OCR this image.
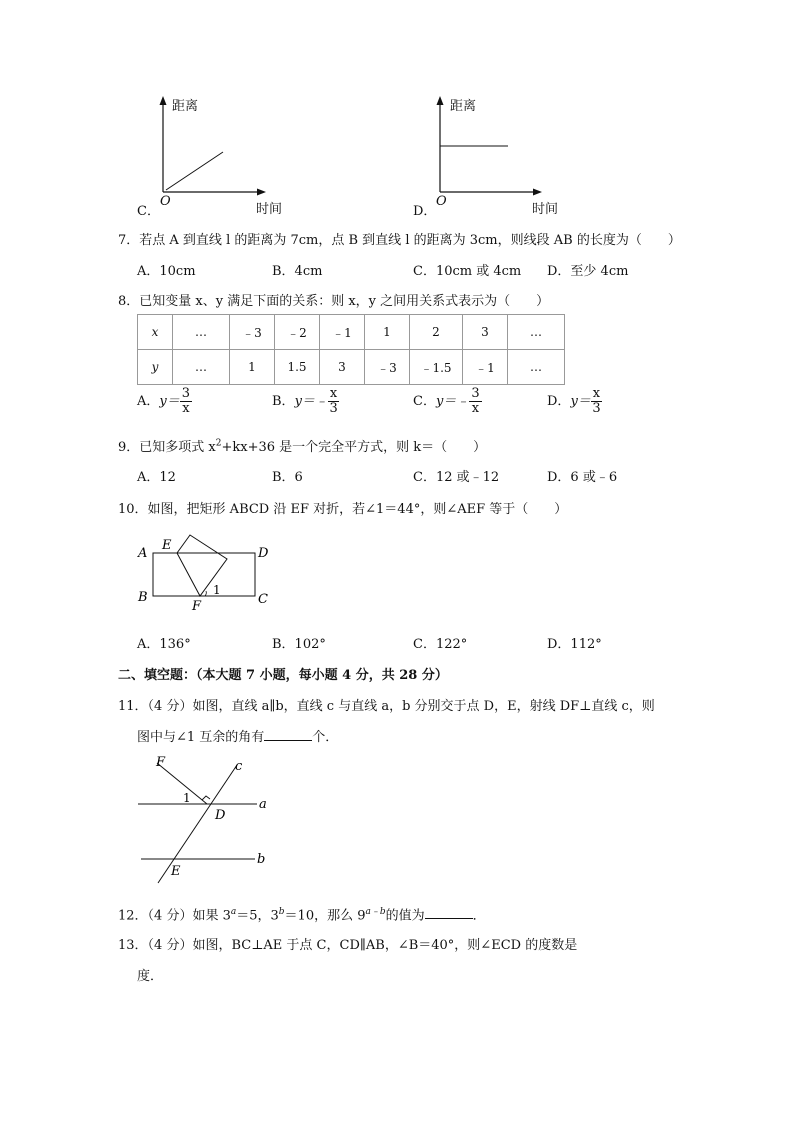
C．
距离
O
时间	D．
距离
O
时间
7．若点 A 到直线 l 的距离为 7cm，点 B 到直线 l 的距离为 3cm，则线段 AB 的长度为（　　）
A．10cm	B．4cm	C．10cm 或 4cm D．至少 4cm
8．已知变量 x、y 满足下面的关系：则 x，y 之间用关系式表示为（　　）
x	…	﹣3	﹣2	﹣1	1	2	3	…
y	…	1	1.5	3	﹣3	﹣1.5	﹣1	…
A．$y= \frac{3}{x}$	B．y＝﹣ $\frac{x}{3}$	C．y＝﹣ $\frac{3}{x}$	D．$y= \frac{x}{3}$
9．已知多项式 $x^2+kx+36$ 是一个完全平方式，则 k＝（　　）
A．12	B．6	C．12 或﹣12	D．6 或﹣6
10．如图，把矩形 ABCD 沿 EF 对折，若∠1＝44°，则∠AEF 等于（　　）
A
E
D
B
F	C
1
A．136°	B．102°	C．122°	D．112°
二、填空题：（本大题 7 小题，每小题 4 分，共 28 分）
11．（4 分）如图，直线 a∥b，直线 c 与直线 a，b 分别交于点 D，E，射线 DF⊥直线 c，则
图中与∠1 互余的角有	个．
F	c
1	a
D
b
E
12．（4 分）如果 $3^a=5$，$3^b=10$，那么 $9^{a﹣b}$的值为	．
13．（4 分）如图，BC⊥AE 于点 C，CD∥AB，∠B＝40°，则∠ECD 的度数是
度．
